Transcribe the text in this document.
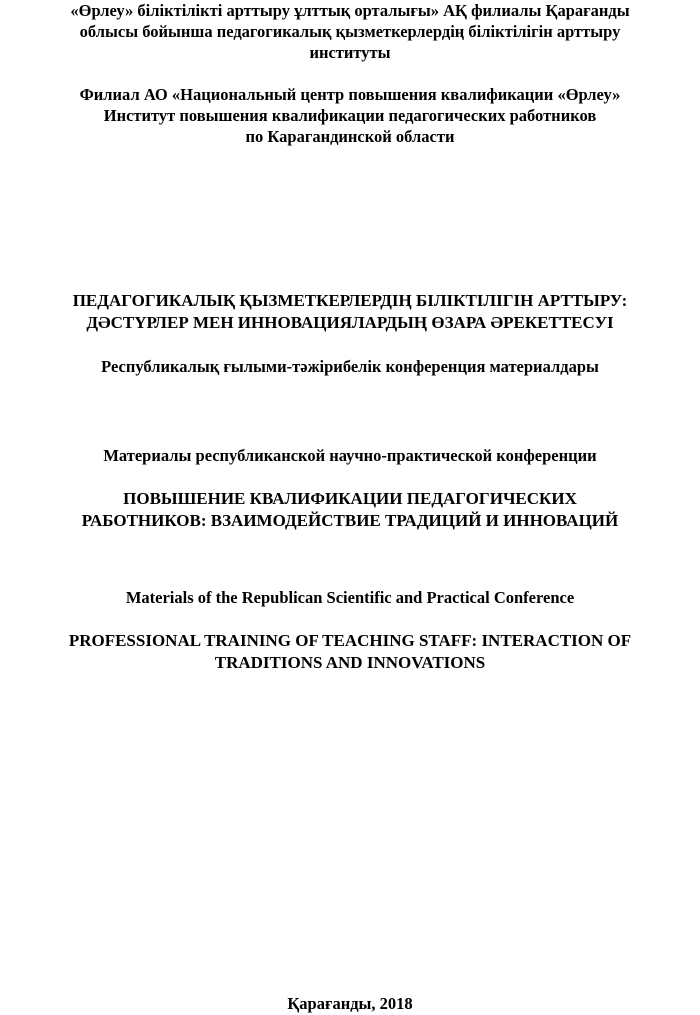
«Өрлеу» біліктілікті арттыру ұлттық орталығы» АҚ филиалы Қарағанды
облысы бойынша педагогикалық қызметкерлердің біліктілігін арттыру
институты
Филиал АО «Национальный центр повышения квалификации «Өрлеу»
Институт повышения квалификации педагогических работников
по Карагандинской области
ПЕДАГОГИКАЛЫҚ ҚЫЗМЕТКЕРЛЕРДІҢ БІЛІКТІЛІГІН АРТТЫРУ:
ДӘСТҮРЛЕР МЕН ИННОВАЦИЯЛАРДЫҢ ӨЗАРА ӘРЕКЕТТЕСУІ
Республикалық ғылыми-тәжірибелік конференция материалдары
Материалы республиканской научно-практической конференции
ПОВЫШЕНИЕ КВАЛИФИКАЦИИ ПЕДАГОГИЧЕСКИХ
РАБОТНИКОВ: ВЗАИМОДЕЙСТВИЕ ТРАДИЦИЙ И ИННОВАЦИЙ
Materials of the Republican Scientific and Practical Conference
PROFESSIONAL TRAINING OF TEACHING STAFF: INTERACTION OF
TRADITIONS AND INNOVATIONS
Қарағанды, 2018
